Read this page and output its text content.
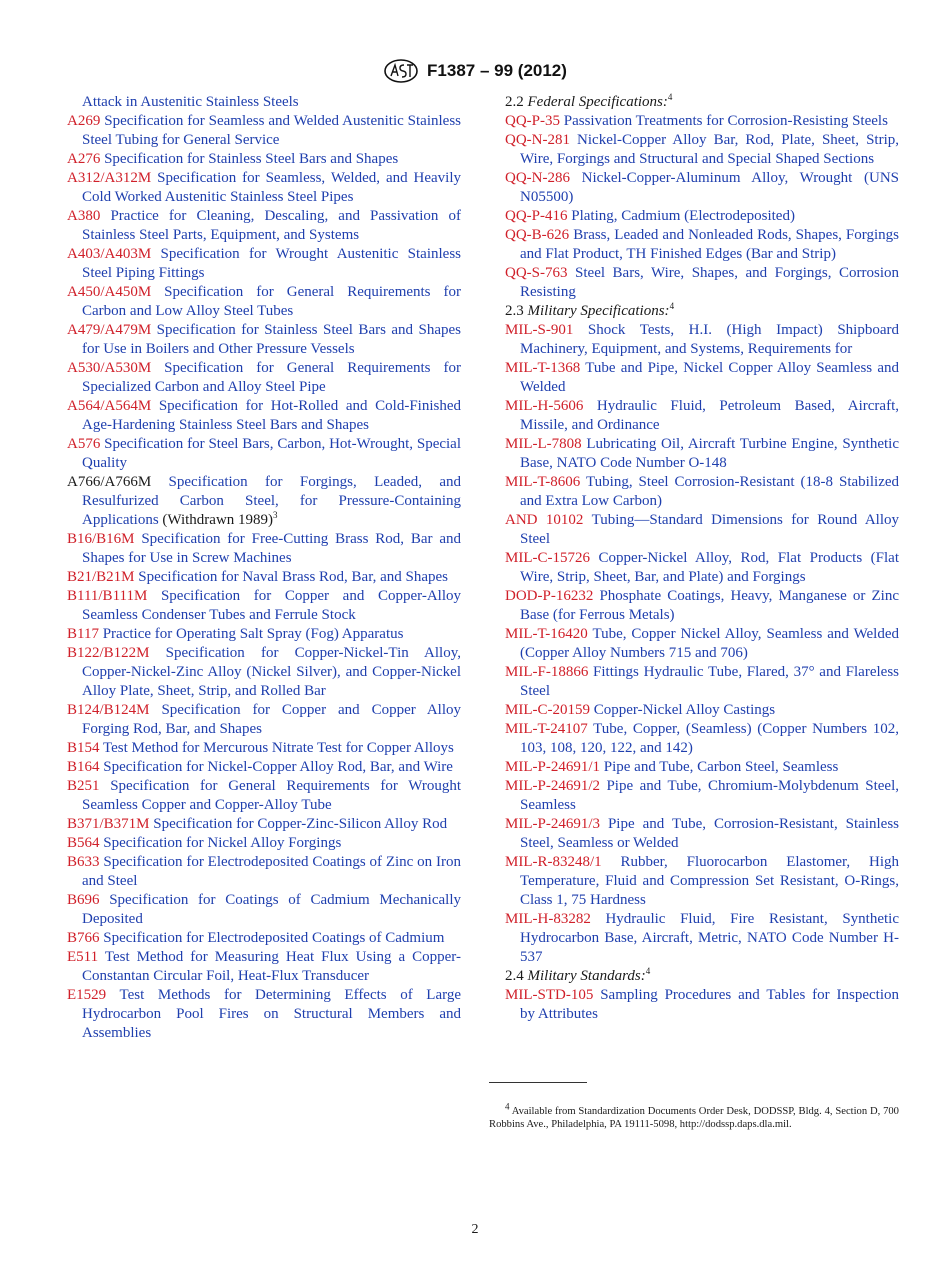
F1387 – 99 (2012)

Attack in Austenitic Stainless Steels

A269 Specification for Seamless and Welded Austenitic Stainless Steel Tubing for General Service

A276 Specification for Stainless Steel Bars and Shapes

A312/A312M Specification for Seamless, Welded, and Heavily Cold Worked Austenitic Stainless Steel Pipes

A380 Practice for Cleaning, Descaling, and Passivation of Stainless Steel Parts, Equipment, and Systems

A403/A403M Specification for Wrought Austenitic Stainless Steel Piping Fittings

A450/A450M Specification for General Requirements for Carbon and Low Alloy Steel Tubes

A479/A479M Specification for Stainless Steel Bars and Shapes for Use in Boilers and Other Pressure Vessels

A530/A530M Specification for General Requirements for Specialized Carbon and Alloy Steel Pipe

A564/A564M Specification for Hot-Rolled and Cold-Finished Age-Hardening Stainless Steel Bars and Shapes

A576 Specification for Steel Bars, Carbon, Hot-Wrought, Special Quality

A766/A766M Specification for Forgings, Leaded, and Resulfurized Carbon Steel, for Pressure-Containing Applications (Withdrawn 1989)$^3$

B16/B16M Specification for Free-Cutting Brass Rod, Bar and Shapes for Use in Screw Machines

B21/B21M Specification for Naval Brass Rod, Bar, and Shapes

B111/B111M Specification for Copper and Copper-Alloy Seamless Condenser Tubes and Ferrule Stock

B117 Practice for Operating Salt Spray (Fog) Apparatus

B122/B122M Specification for Copper-Nickel-Tin Alloy, Copper-Nickel-Zinc Alloy (Nickel Silver), and Copper-Nickel Alloy Plate, Sheet, Strip, and Rolled Bar

B124/B124M Specification for Copper and Copper Alloy Forging Rod, Bar, and Shapes

B154 Test Method for Mercurous Nitrate Test for Copper Alloys

B164 Specification for Nickel-Copper Alloy Rod, Bar, and Wire

B251 Specification for General Requirements for Wrought Seamless Copper and Copper-Alloy Tube

B371/B371M Specification for Copper-Zinc-Silicon Alloy Rod

B564 Specification for Nickel Alloy Forgings

B633 Specification for Electrodeposited Coatings of Zinc on Iron and Steel

B696 Specification for Coatings of Cadmium Mechanically Deposited

B766 Specification for Electrodeposited Coatings of Cadmium

E511 Test Method for Measuring Heat Flux Using a Copper-Constantan Circular Foil, Heat-Flux Transducer

E1529 Test Methods for Determining Effects of Large Hydrocarbon Pool Fires on Structural Members and Assemblies

2.2 Federal Specifications:$^4$

QQ-P-35 Passivation Treatments for Corrosion-Resisting Steels

QQ-N-281 Nickel-Copper Alloy Bar, Rod, Plate, Sheet, Strip, Wire, Forgings and Structural and Special Shaped Sections

QQ-N-286 Nickel-Copper-Aluminum Alloy, Wrought (UNS N05500)

QQ-P-416 Plating, Cadmium (Electrodeposited)

QQ-B-626 Brass, Leaded and Nonleaded Rods, Shapes, Forgings and Flat Product, TH Finished Edges (Bar and Strip)

QQ-S-763 Steel Bars, Wire, Shapes, and Forgings, Corrosion Resisting

2.3 Military Specifications:$^4$

MIL-S-901 Shock Tests, H.I. (High Impact) Shipboard Machinery, Equipment, and Systems, Requirements for

MIL-T-1368 Tube and Pipe, Nickel Copper Alloy Seamless and Welded

MIL-H-5606 Hydraulic Fluid, Petroleum Based, Aircraft, Missile, and Ordinance

MIL-L-7808 Lubricating Oil, Aircraft Turbine Engine, Synthetic Base, NATO Code Number O-148

MIL-T-8606 Tubing, Steel Corrosion-Resistant (18-8 Stabilized and Extra Low Carbon)

AND 10102 Tubing—Standard Dimensions for Round Alloy Steel

MIL-C-15726 Copper-Nickel Alloy, Rod, Flat Products (Flat Wire, Strip, Sheet, Bar, and Plate) and Forgings

DOD-P-16232 Phosphate Coatings, Heavy, Manganese or Zinc Base (for Ferrous Metals)

MIL-T-16420 Tube, Copper Nickel Alloy, Seamless and Welded (Copper Alloy Numbers 715 and 706)

MIL-F-18866 Fittings Hydraulic Tube, Flared, 37° and Flareless Steel

MIL-C-20159 Copper-Nickel Alloy Castings

MIL-T-24107 Tube, Copper, (Seamless) (Copper Numbers 102, 103, 108, 120, 122, and 142)

MIL-P-24691/1 Pipe and Tube, Carbon Steel, Seamless

MIL-P-24691/2 Pipe and Tube, Chromium-Molybdenum Steel, Seamless

MIL-P-24691/3 Pipe and Tube, Corrosion-Resistant, Stainless Steel, Seamless or Welded

MIL-R-83248/1 Rubber, Fluorocarbon Elastomer, High Temperature, Fluid and Compression Set Resistant, O-Rings, Class 1, 75 Hardness

MIL-H-83282 Hydraulic Fluid, Fire Resistant, Synthetic Hydrocarbon Base, Aircraft, Metric, NATO Code Number H-537

2.4 Military Standards:$^4$

MIL-STD-105 Sampling Procedures and Tables for Inspection by Attributes

$^4$ Available from Standardization Documents Order Desk, DODSSP, Bldg. 4, Section D, 700 Robbins Ave., Philadelphia, PA 19111-5098, http://dodssp.daps.dla.mil.

2
